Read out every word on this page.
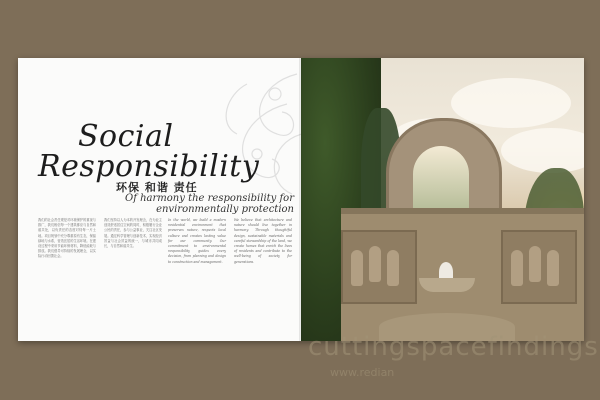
Social
Responsibility
环保 和谐 责任
Of harmony the responsibility for environmentally protection
我们的社会责任观是对环境保护的重视与推广，我们相信每一个建筑都应与自然和谐共处，以负责任的态度对待每一片土地。项目规划中充分尊重原有生态，保留绿地与水系，营造宜居的生活环境。在建设过程中采用节能环保材料，降低能耗与排放。我们倡导可持续的发展理念，以实际行动回馈社会。
我们坚持以人为本的开发理念，在为业主创造舒适居住空间的同时，积极履行企业公民的责任，参与公益事业，关注社区发展。通过科学管理与创新技术，实现经济效益与社会效益的统一，与城市共同成长，与自然和谐共生。
In the world, we build a modern residential environment that preserves nature, respects local culture and creates lasting value for our community. Our commitment to environmental responsibility guides every decision, from planning and design to construction and management.
We believe that architecture and nature should live together in harmony. Through thoughtful design, sustainable materials and careful stewardship of the land, we create homes that enrich the lives of residents and contribute to the well-being of society for generations.
cuttingspacefindings
www.redian
